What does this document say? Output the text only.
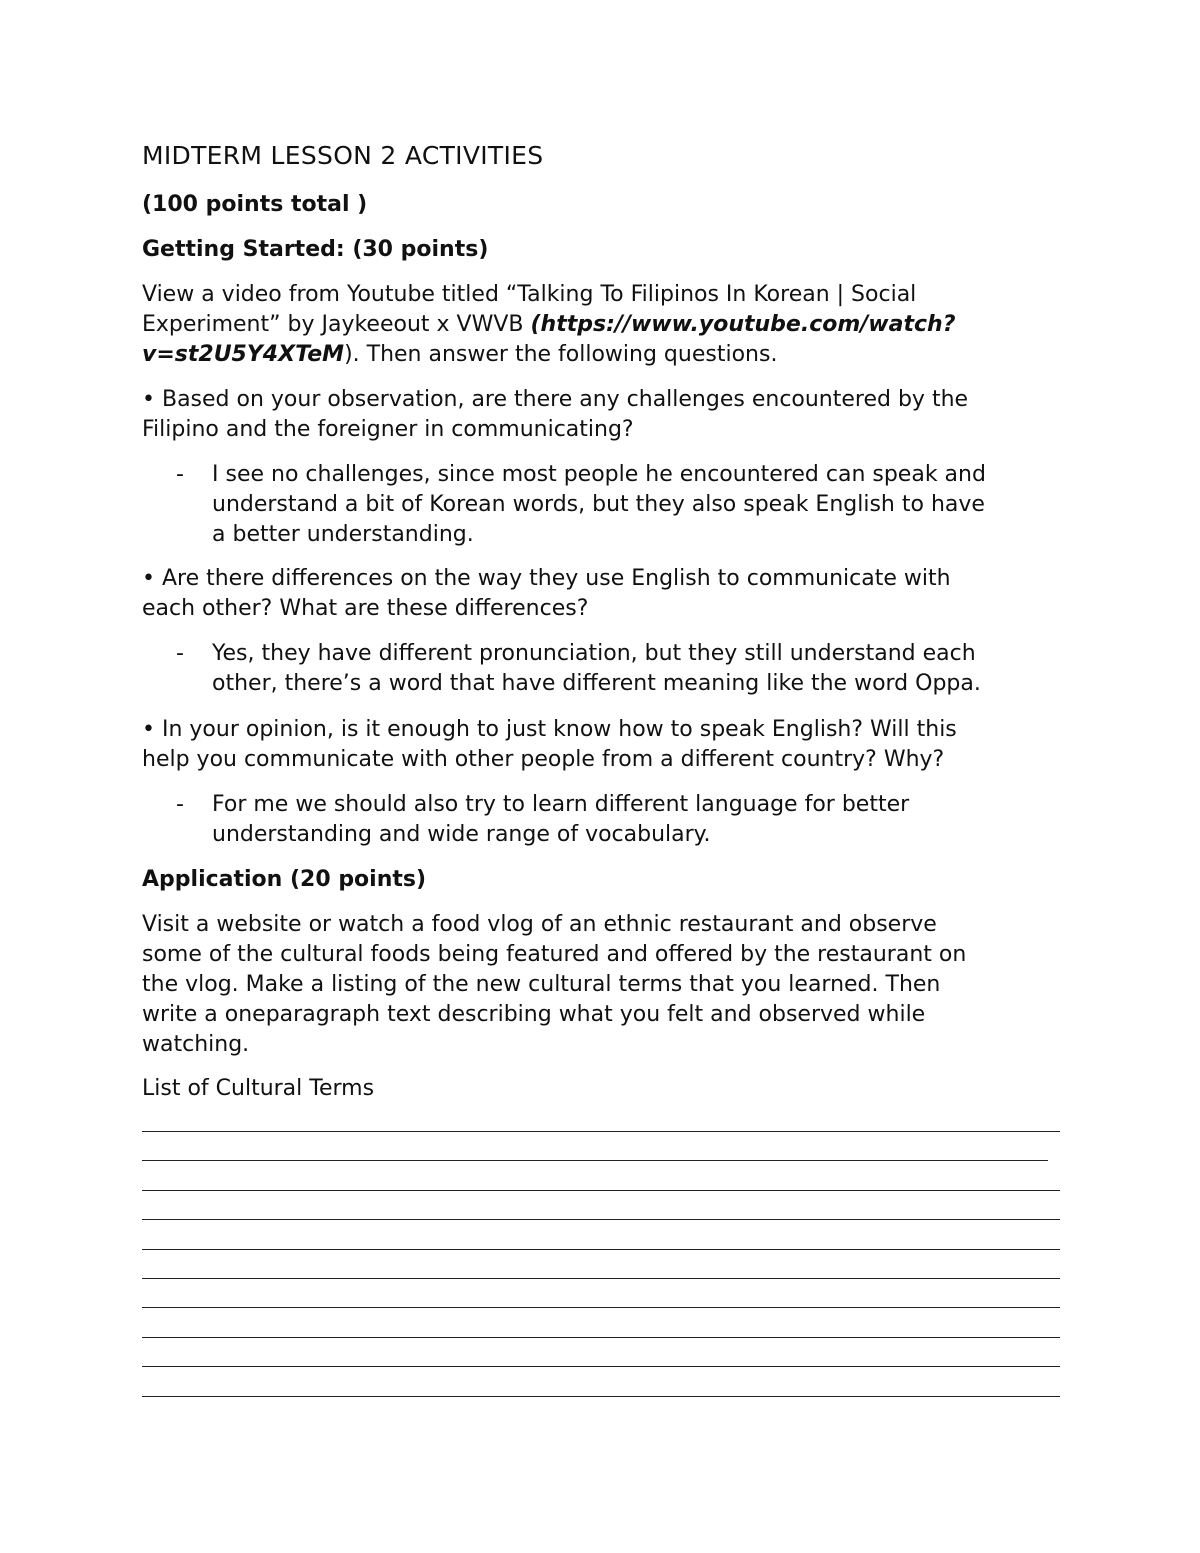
MIDTERM LESSON 2 ACTIVITIES
(100 points total )
Getting Started: (30 points)

View a video from Youtube titled “Talking To Filipinos In Korean | Social

Experiment” by Jaykeeout x VWVB (https://www.youtube.com/watch?

v=st2U5Y4XTeM). Then answer the following questions.

• Based on your observation, are there any challenges encountered by the

Filipino and the foreigner in communicating?

- I see no challenges, since most people he encountered can speak and

understand a bit of Korean words, but they also speak English to have

a better understanding.

• Are there differences on the way they use English to communicate with

each other? What are these differences?

- Yes, they have different pronunciation, but they still understand each

other, there’s a word that have different meaning like the word Oppa.

• In your opinion, is it enough to just know how to speak English? Will this

help you communicate with other people from a different country? Why?

- For me we should also try to learn different language for better

understanding and wide range of vocabulary.

Application (20 points)

Visit a website or watch a food vlog of an ethnic restaurant and observe

some of the cultural foods being featured and offered by the restaurant on

the vlog. Make a listing of the new cultural terms that you learned. Then

write a oneparagraph text describing what you felt and observed while

watching.

List of Cultural Terms
